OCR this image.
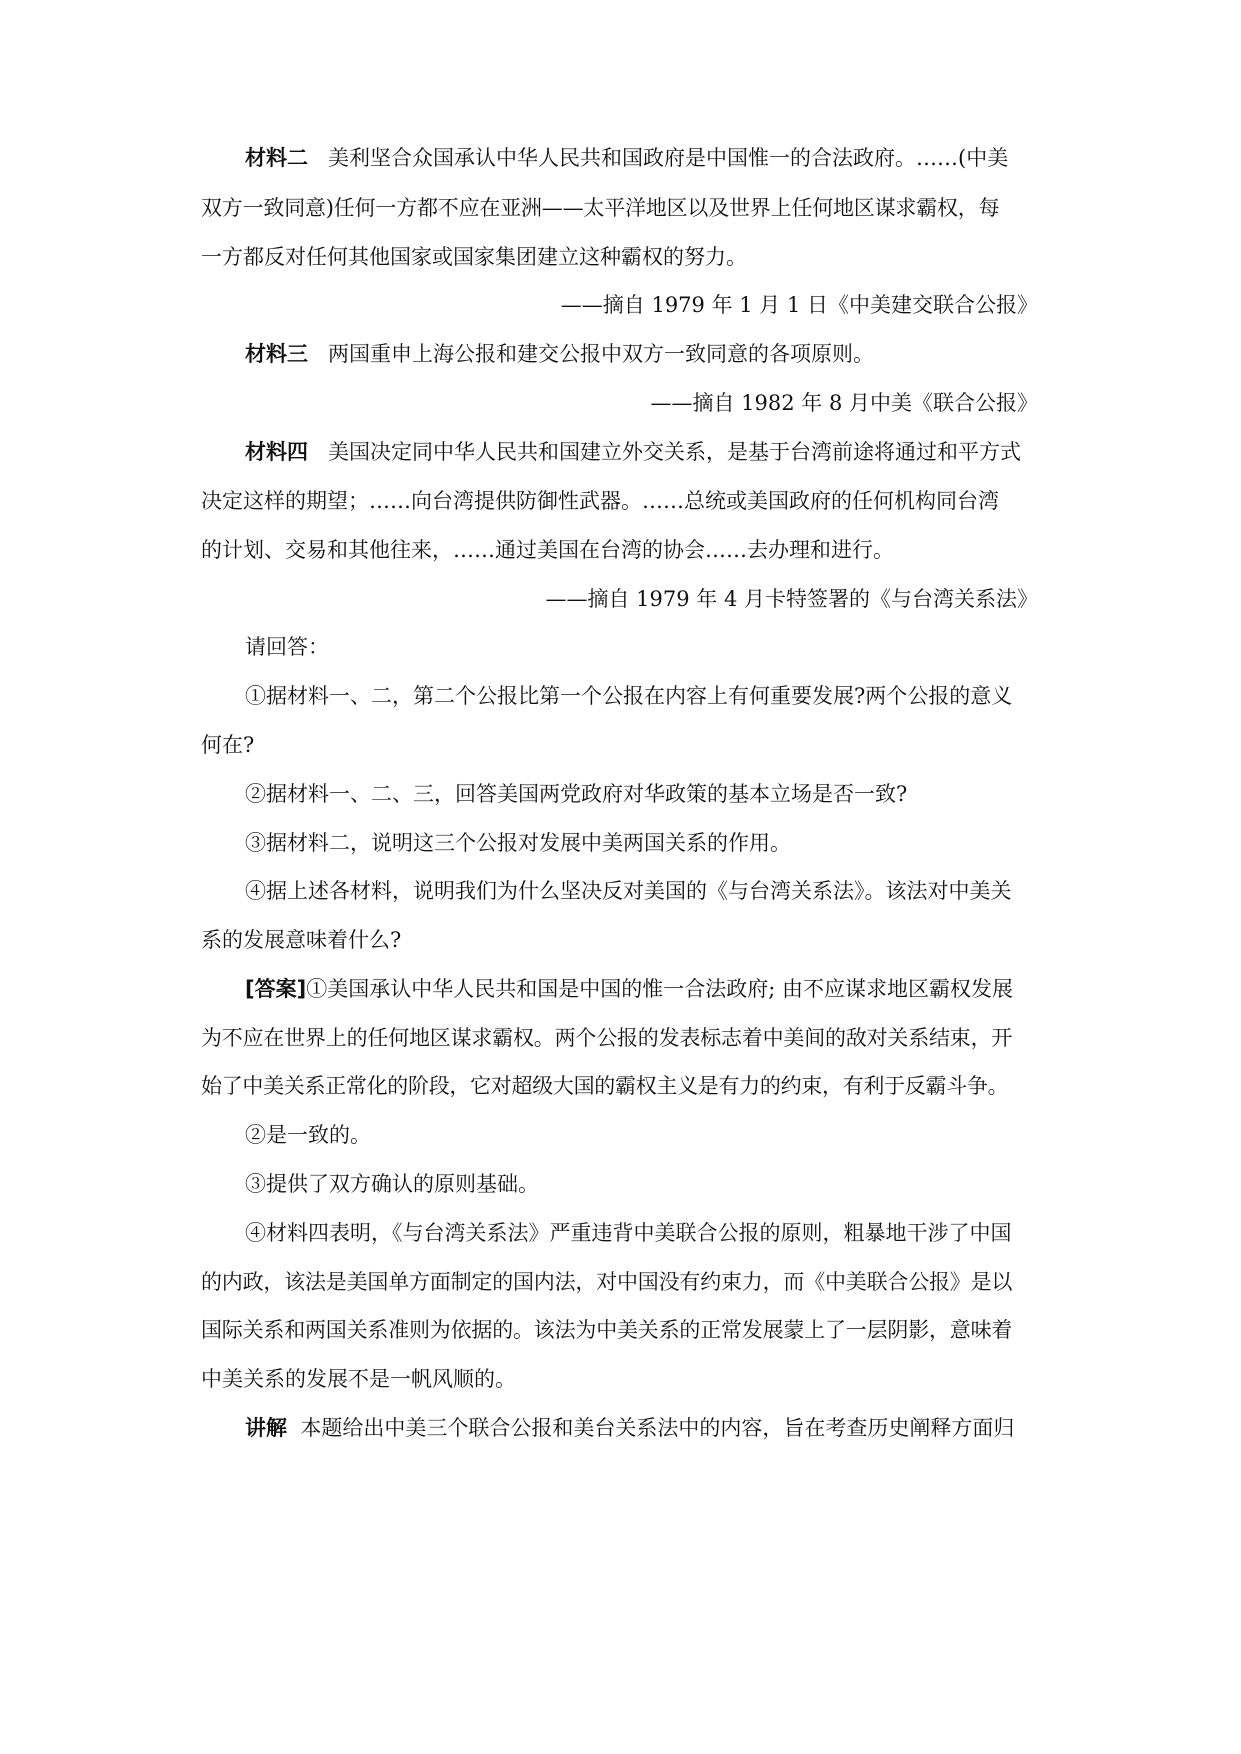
材料二 美利坚合众国承认中华人民共和国政府是中国惟一的合法政府。……(中美
双方一致同意)任何一方都不应在亚洲——太平洋地区以及世界上任何地区谋求霸权，每
一方都反对任何其他国家或国家集团建立这种霸权的努力。
——摘自 1979 年 1 月 1 日《中美建交联合公报》
材料三 两国重申上海公报和建交公报中双方一致同意的各项原则。
——摘自 1982 年 8 月中美《联合公报》
材料四 美国决定同中华人民共和国建立外交关系，是基于台湾前途将通过和平方式
决定这样的期望；……向台湾提供防御性武器。……总统或美国政府的任何机构同台湾
的计划、交易和其他往来，……通过美国在台湾的协会……去办理和进行。
——摘自 1979 年 4 月卡特签署的《与台湾关系法》
请回答：
①据材料一、二，第二个公报比第一个公报在内容上有何重要发展?两个公报的意义
何在?
②据材料一、二、三，回答美国两党政府对华政策的基本立场是否一致?
③据材料二，说明这三个公报对发展中美两国关系的作用。
④据上述各材料，说明我们为什么坚决反对美国的《与台湾关系法》。该法对中美关
系的发展意味着什么?
[答案]①美国承认中华人民共和国是中国的惟一合法政府; 由不应谋求地区霸权发展
为不应在世界上的任何地区谋求霸权。两个公报的发表标志着中美间的敌对关系结束，开
始了中美关系正常化的阶段，它对超级大国的霸权主义是有力的约束，有利于反霸斗争。
②是一致的。
③提供了双方确认的原则基础。
④材料四表明，《与台湾关系法》严重违背中美联合公报的原则，粗暴地干涉了中国
的内政，该法是美国单方面制定的国内法，对中国没有约束力，而《中美联合公报》是以
国际关系和两国关系准则为依据的。该法为中美关系的正常发展蒙上了一层阴影，意味着
中美关系的发展不是一帆风顺的。
讲解 本题给出中美三个联合公报和美台关系法中的内容，旨在考查历史阐释方面归
